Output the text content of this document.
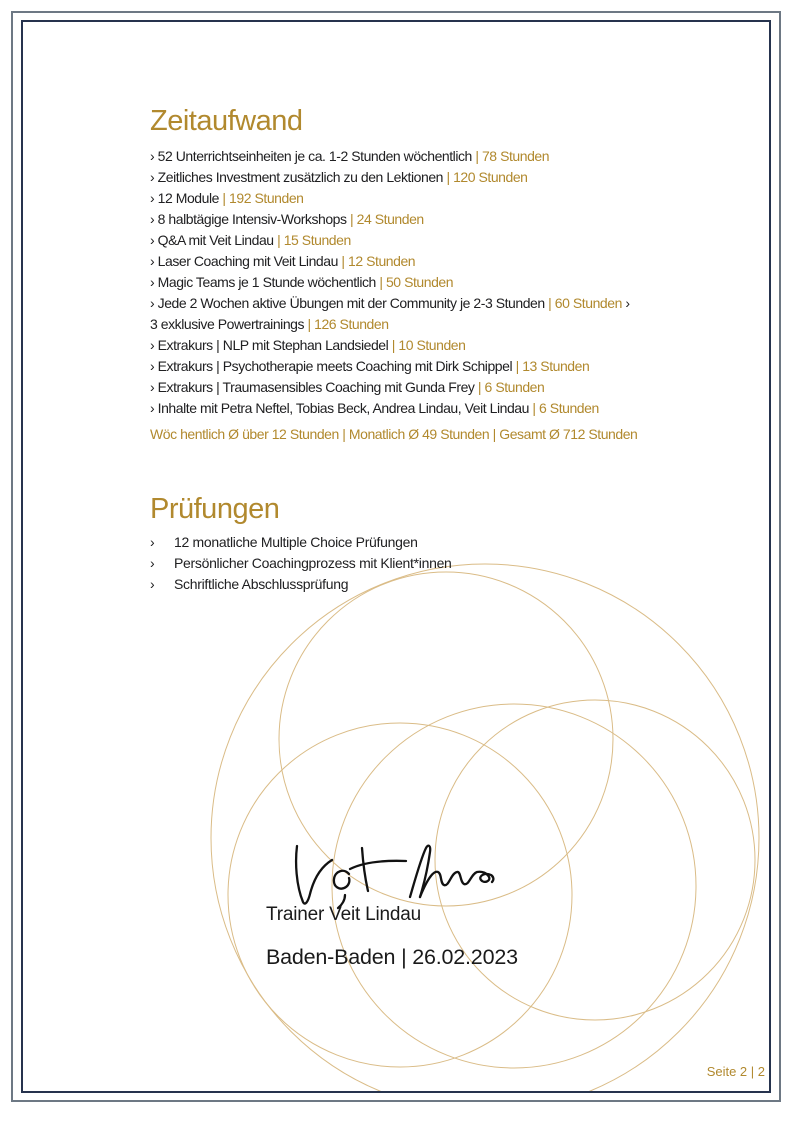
Zeitaufwand
› 52 Unterrichtseinheiten je ca. 1-2 Stunden wöchentlich | 78 Stunden
› Zeitliches Investment zusätzlich zu den Lektionen | 120 Stunden
› 12 Module | 192 Stunden
› 8 halbtägige Intensiv-Workshops | 24 Stunden
› Q&A mit Veit Lindau | 15 Stunden
› Laser Coaching mit Veit Lindau | 12 Stunden
› Magic Teams je 1 Stunde wöchentlich | 50 Stunden
› Jede 2 Wochen aktive Übungen mit der Community je 2-3 Stunden | 60 Stunden ›
3 exklusive Powertrainings | 126 Stunden
› Extrakurs | NLP mit Stephan Landsiedel | 10 Stunden
› Extrakurs | Psychotherapie meets Coaching mit Dirk Schippel | 13 Stunden
› Extrakurs | Traumasensibles Coaching mit Gunda Frey | 6 Stunden
› Inhalte mit Petra Neftel, Tobias Beck, Andrea Lindau, Veit Lindau | 6 Stunden
Wöc hentlich Ø über 12 Stunden | Monatlich Ø 49 Stunden | Gesamt Ø 712 Stunden
Prüfungen
› 12 monatliche Multiple Choice Prüfungen
› Persönlicher Coachingprozess mit Klient*innen
› Schriftliche Abschlussprüfung
Trainer Veit Lindau
Baden-Baden | 26.02.2023
Seite 2 | 2
